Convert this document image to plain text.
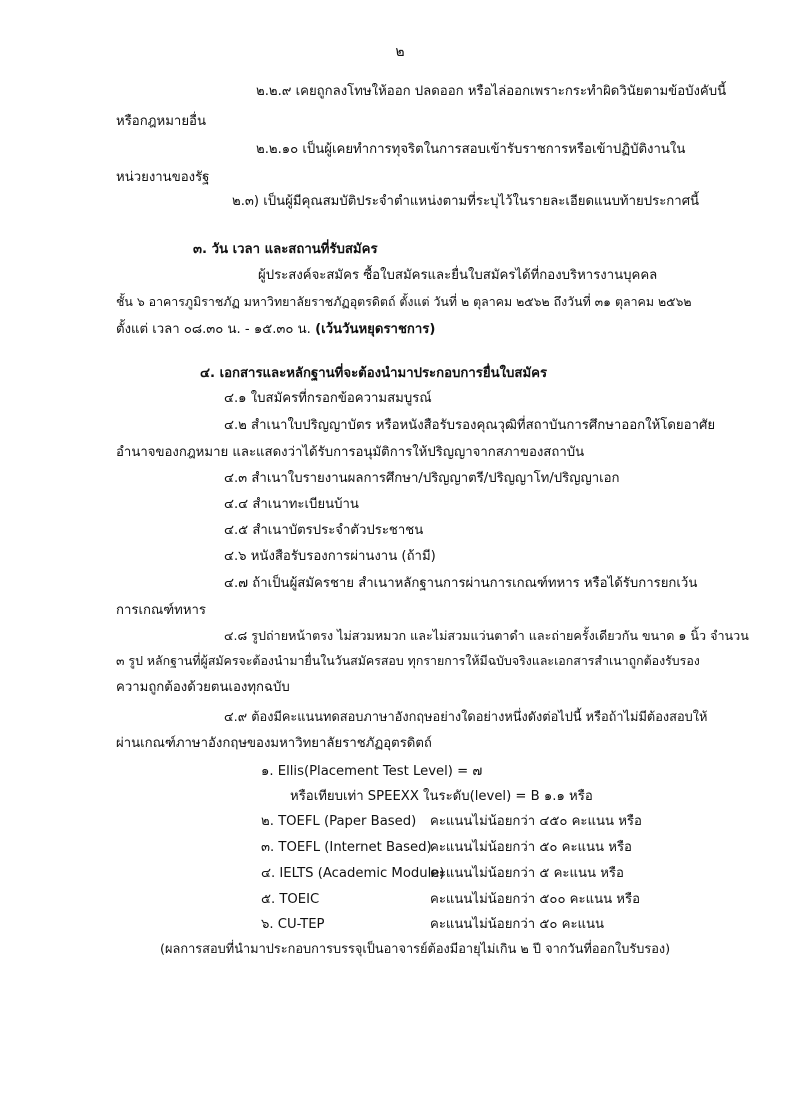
๒
๒.๒.๙ เคยถูกลงโทษให้ออก ปลดออก หรือไล่ออกเพราะกระทำผิดวินัยตามข้อบังคับนี้
หรือกฎหมายอื่น
๒.๒.๑๐ เป็นผู้เคยทำการทุจริตในการสอบเข้ารับราชการหรือเข้าปฏิบัติงานใน
หน่วยงานของรัฐ
๒.๓) เป็นผู้มีคุณสมบัติประจำตำแหน่งตามที่ระบุไว้ในรายละเอียดแนบท้ายประกาศนี้
๓. วัน เวลา และสถานที่รับสมัคร
ผู้ประสงค์จะสมัคร ซื้อใบสมัครและยื่นใบสมัครได้ที่กองบริหารงานบุคคล
ชั้น ๖ อาคารภูมิราชภัฏ มหาวิทยาลัยราชภัฏอุตรดิตถ์ ตั้งแต่ วันที่ ๒ ตุลาคม ๒๕๖๒ ถึงวันที่ ๓๑ ตุลาคม ๒๕๖๒
ตั้งแต่ เวลา ๐๘.๓๐ น. - ๑๕.๓๐ น. (เว้นวันหยุดราชการ)
๔. เอกสารและหลักฐานที่จะต้องนำมาประกอบการยื่นใบสมัคร
๔.๑ ใบสมัครที่กรอกข้อความสมบูรณ์
๔.๒ สำเนาใบปริญญาบัตร หรือหนังสือรับรองคุณวุฒิที่สถาบันการศึกษาออกให้โดยอาศัย
อำนาจของกฎหมาย และแสดงว่าได้รับการอนุมัติการให้ปริญญาจากสภาของสถาบัน
๔.๓ สำเนาใบรายงานผลการศึกษา/ปริญญาตรี/ปริญญาโท/ปริญญาเอก
๔.๔ สำเนาทะเบียนบ้าน
๔.๕ สำเนาบัตรประจำตัวประชาชน
๔.๖ หนังสือรับรองการผ่านงาน (ถ้ามี)
๔.๗ ถ้าเป็นผู้สมัครชาย สำเนาหลักฐานการผ่านการเกณฑ์ทหาร หรือได้รับการยกเว้น
การเกณฑ์ทหาร
๔.๘ รูปถ่ายหน้าตรง ไม่สวมหมวก และไม่สวมแว่นตาดำ และถ่ายครั้งเดียวกัน ขนาด ๑ นิ้ว จำนวน
๓ รูป หลักฐานที่ผู้สมัครจะต้องนำมายื่นในวันสมัครสอบ ทุกรายการให้มีฉบับจริงและเอกสารสำเนาถูกต้องรับรอง
ความถูกต้องด้วยตนเองทุกฉบับ
๔.๙ ต้องมีคะแนนทดสอบภาษาอังกฤษอย่างใดอย่างหนึ่งดังต่อไปนี้ หรือถ้าไม่มีต้องสอบให้
ผ่านเกณฑ์ภาษาอังกฤษของมหาวิทยาลัยราชภัฏอุตรดิตถ์
๑. Ellis(Placement Test Level) = ๗
หรือเทียบเท่า SPEEXX ในระดับ(level) = B ๑.๑ หรือ
๒. TOEFL (Paper Based) คะแนนไม่น้อยกว่า ๔๕๐ คะแนน หรือ
๓. TOEFL (Internet Based)
คะแนนไม่น้อยกว่า ๕๐ คะแนน หรือ
๔. IELTS (Academic Module)
คะแนนไม่น้อยกว่า ๕ คะแนน หรือ
๕. TOEIC	คะแนนไม่น้อยกว่า ๕๐๐ คะแนน หรือ
๖. CU-TEP	คะแนนไม่น้อยกว่า ๕๐ คะแนน
(ผลการสอบที่นำมาประกอบการบรรจุเป็นอาจารย์ต้องมีอายุไม่เกิน ๒ ปี จากวันที่ออกใบรับรอง)
